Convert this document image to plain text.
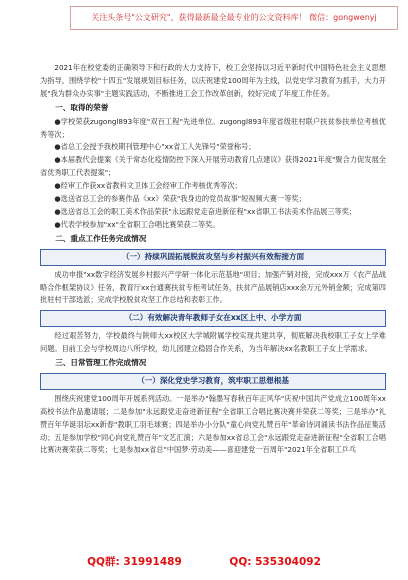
关注头条号"公文研究"，获得最新最全最专业的公文资料库！ 微信：gongwenyj

2021年在校党委的正确领导下和行政的大力支持下，校工会坚持以习近平新时代中国特色社会主义思想为指导，围绕学校"十四五"发展规划目标任务，以庆祝建党100周年为主线，以党史学习教育为抓手，大力开展"我为群众办实事"主题实践活动，不断推进工会工作改革创新，较好完成了年度工作任务。

一、取得的荣誉

●学校荣获zugongl893年度"双百工程"先进单位。zugongl893年度省级驻村联户扶贫参扶单位考核优秀等次；

●省总工会授予我校期刊管理中心"xx省工人先锋号"荣誉称号；

●本届教代会提案《关于常态化疫情防控下深入开展劳动教育几点建议》获得2021年度"聚合力促发展全省优秀职工代表提案"；

●经审工作获xx省教科文卫体工会经审工作考核优秀等次；

●选送省总工会的参赛作品《xx》荣获"我身边的党员故事"短视频大赛一等奖；

●选送省总工会的职工美术作品荣获"永远跟党走奋进新征程"xx省职工书法美术作品展三等奖；

●代表学校参加"xx"全省职工合唱比赛荣获二等奖。

二、重点工作任务完成情况

（一）持续巩固拓展脱贫攻坚与乡村振兴有效衔接方面

成功申报"xx数字经济发展乡村振兴产学研一体化示范基地"项目；加强产销对接，完成xxx万《农产品战略合作框架协议》任务，教育厅xx台通赛扶贫专柜考试任务，扶贫产品展销店xxx余万元外销金额；完成第四批驻村干部选派；完成学校脱贫攻坚工作总结和表彰工作。

（二）有效解决青年教师子女在xx区上中、小学方面

经过艰苦努力，学校最终与陕师大xx校区大学城附属学校实现共建共享，彻底解决我校职工子女上学难问题。目前工会与学校周边八所学校，幼儿园建立稳固合作关系，为当年解决xx名教职工子女上学需求。

三、日常管理工作完成情况

（一）深化党史学习教育，筑牢职工思想根基

围绕庆祝建党100周年开展系列活动。一是举办"翰墨写春秋百年正风华"庆祝中国共产党成立100周年xx高校书法作品邀请展；二是参加"永远跟党走奋进新征程"全省职工合唱比赛决赛并荣获二等奖；三是举办"礼赞百年华诞羽坛xx新春"教职工羽毛球赛；四是举办小分队"童心向党礼赞百年"革命诗词诵读书法作品征集活动；五是参加学校"同心向党礼赞百年"文艺汇演；六是参加xx省总工会"永远跟党走奋进新征程"全省职工合唱比赛决赛荣获二等奖；七是参加xx省总"中国梦·劳动美——喜迎建党一百周年"2021年全省职工乒乓

QQ群: 31991489	QQ: 535304092
